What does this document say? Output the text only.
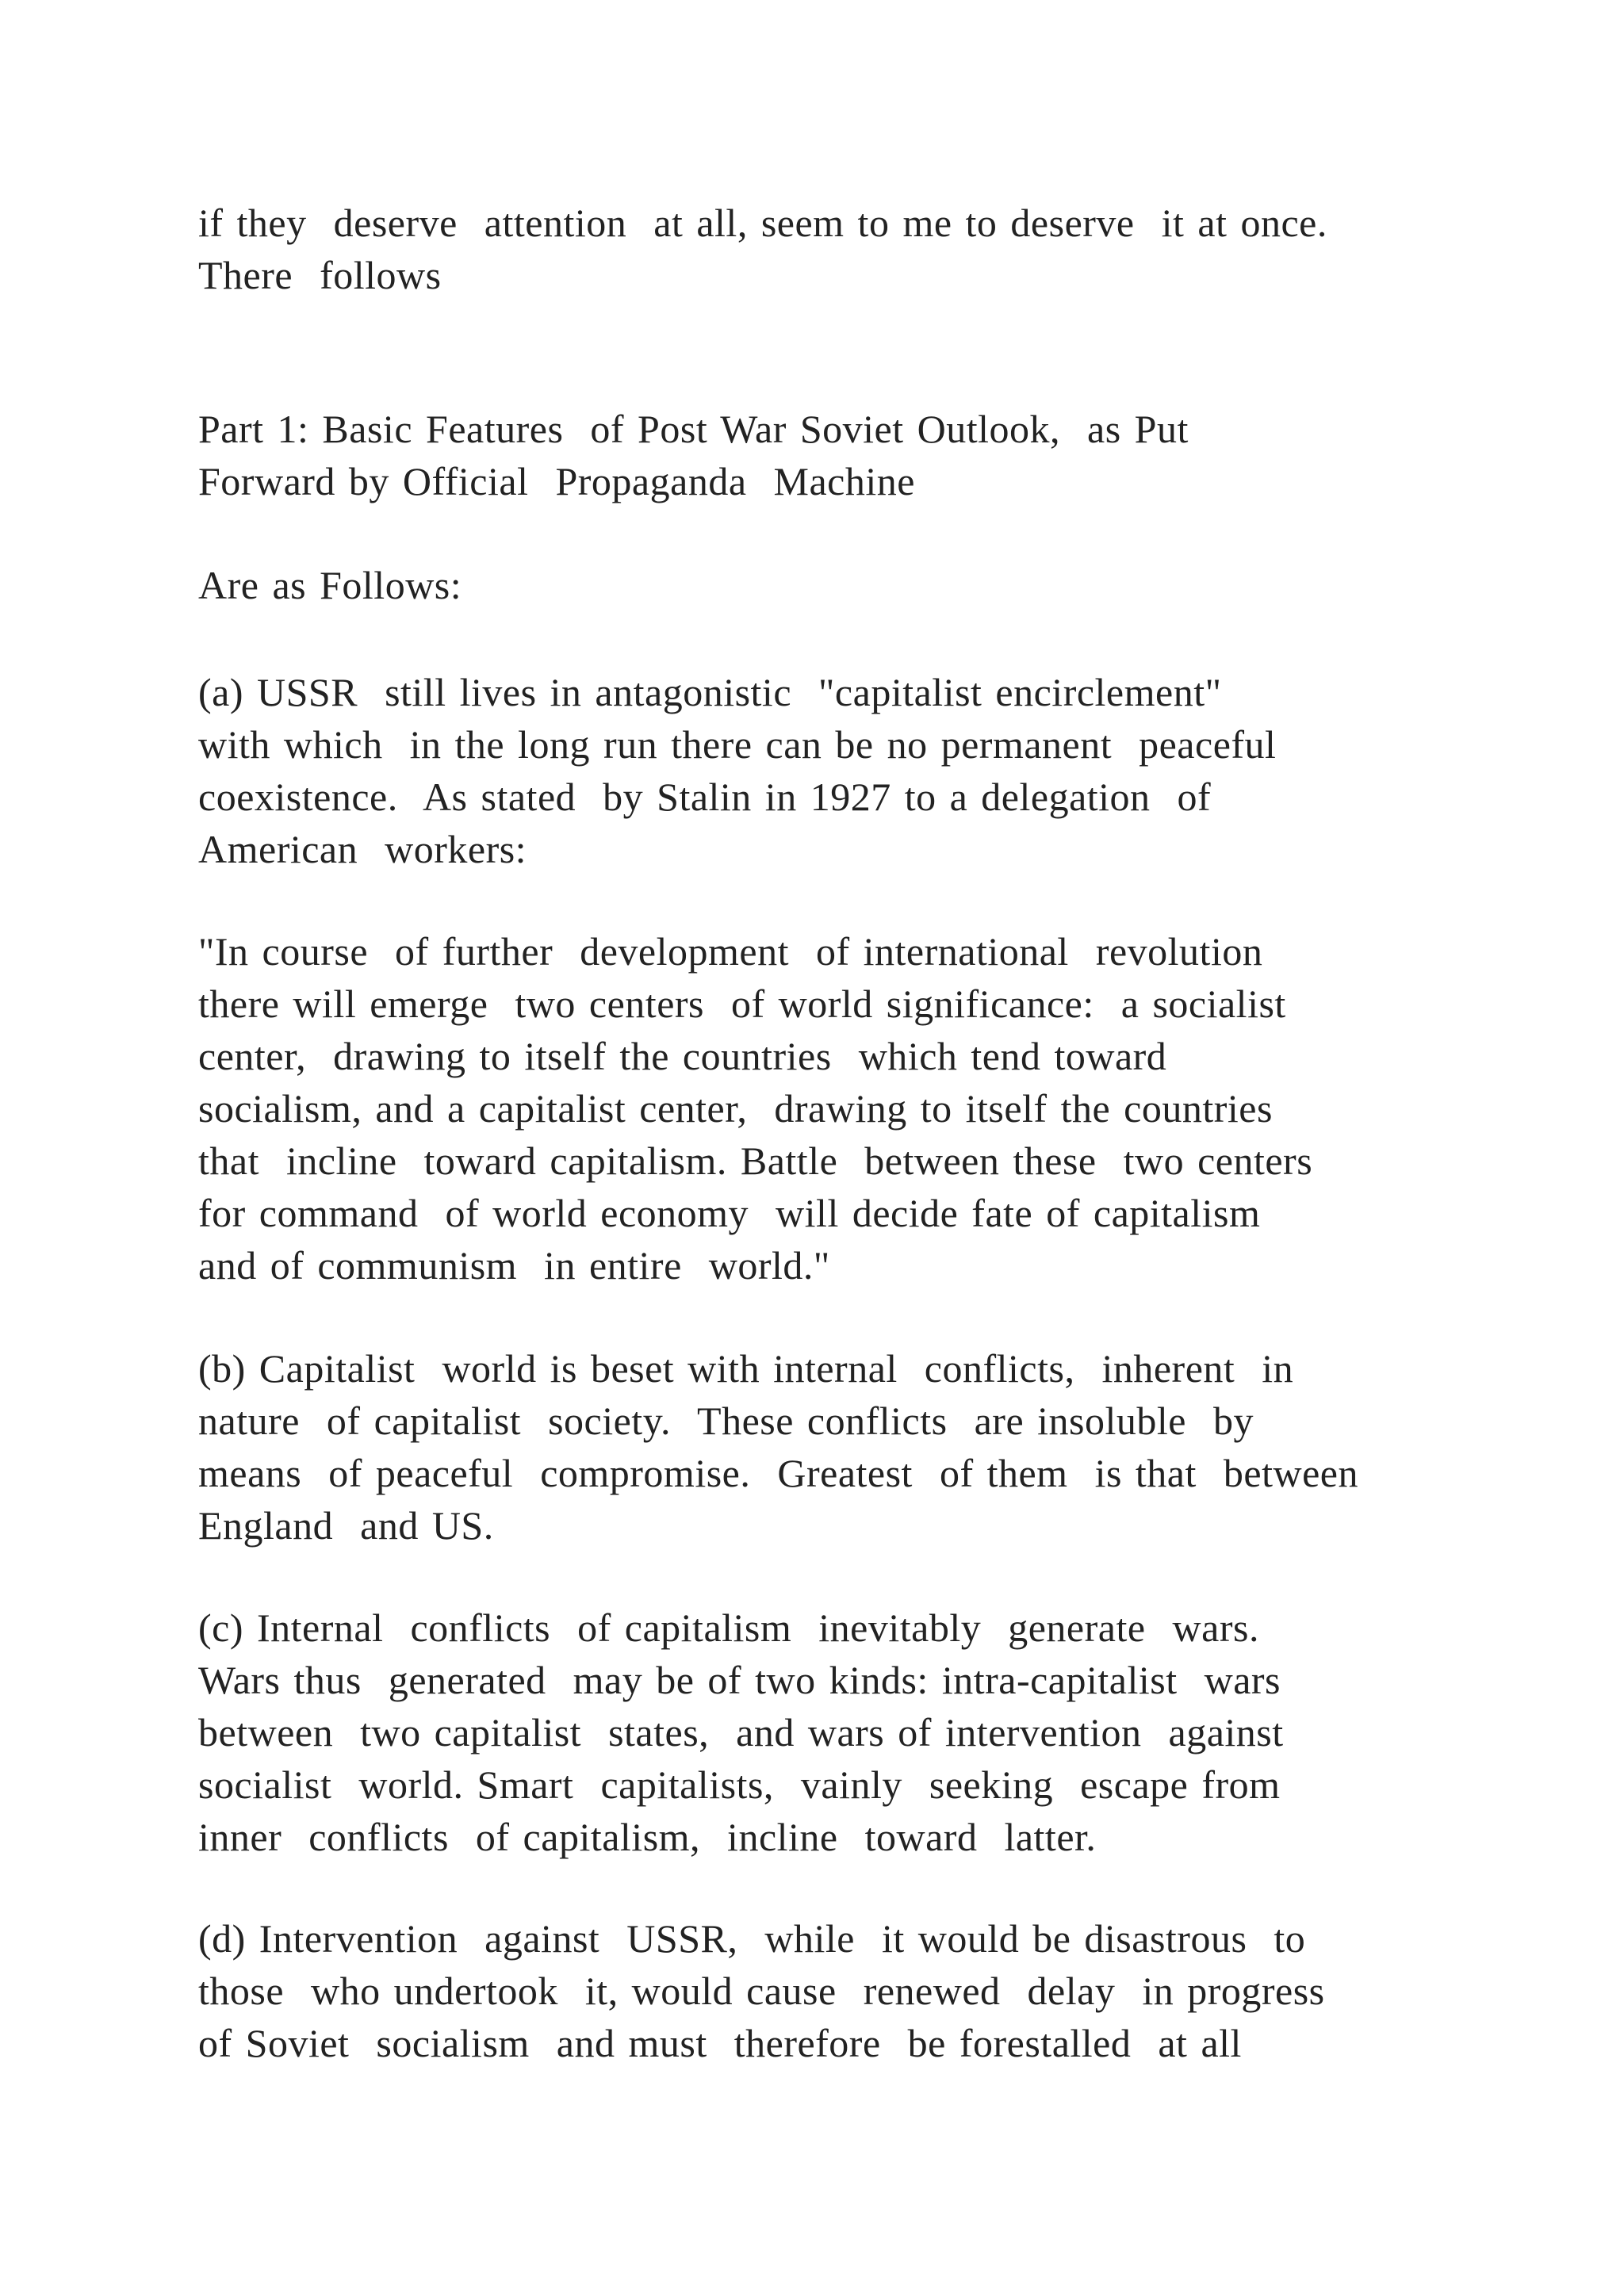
if they  deserve  attention  at all, seem to me to deserve  it at once.
There  follows
Part 1: Basic Features  of Post War Soviet Outlook,  as Put
Forward by Official  Propaganda  Machine
Are as Follows:
(a) USSR  still lives in antagonistic  "capitalist encirclement"
with which  in the long run there can be no permanent  peaceful
coexistence.  As stated  by Stalin in 1927 to a delegation  of
American  workers:
"In course  of further  development  of international  revolution
there will emerge  two centers  of world significance:  a socialist
center,  drawing to itself the countries  which tend toward
socialism, and a capitalist center,  drawing to itself the countries
that  incline  toward capitalism. Battle  between these  two centers
for command  of world economy  will decide fate of capitalism
and of communism  in entire  world."
(b) Capitalist  world is beset with internal  conflicts,  inherent  in
nature  of capitalist  society.  These conflicts  are insoluble  by
means  of peaceful  compromise.  Greatest  of them  is that  between
England  and US.
(c) Internal  conflicts  of capitalism  inevitably  generate  wars.
Wars thus  generated  may be of two kinds: intra-capitalist  wars
between  two capitalist  states,  and wars of intervention  against
socialist  world. Smart  capitalists,  vainly  seeking  escape from
inner  conflicts  of capitalism,  incline  toward  latter.
(d) Intervention  against  USSR,  while  it would be disastrous  to
those  who undertook  it, would cause  renewed  delay  in progress
of Soviet  socialism  and must  therefore  be forestalled  at all
